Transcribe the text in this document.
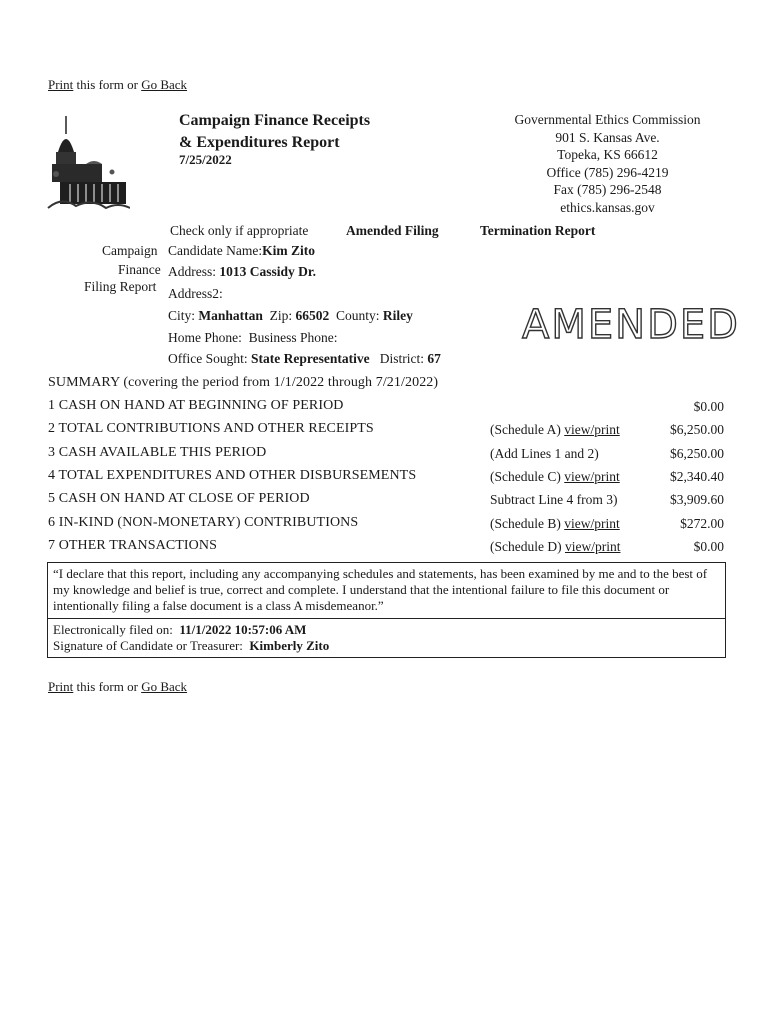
Print this form or Go Back
Campaign Finance Receipts
& Expenditures Report
7/25/2022
Governmental Ethics Commission
901 S. Kansas Ave.
Topeka, KS 66612
Office (785) 296-4219
Fax (785) 296-2548
ethics.kansas.gov
Check only if appropriate	Amended Filing	Termination Report
Campaign
Finance
Filing Report
Candidate Name:Kim Zito
Address: 1013 Cassidy Dr.
Address2:
City: Manhattan Zip: 66502 County: Riley
Home Phone: Business Phone:
Office Sought: State Representative District: 67
AMENDED
SUMMARY (covering the period from 1/1/2022 through 7/21/2022)
1 CASH ON HAND AT BEGINNING OF PERIOD	$0.00
2 TOTAL CONTRIBUTIONS AND OTHER RECEIPTS	(Schedule A) view/print	$6,250.00
3 CASH AVAILABLE THIS PERIOD	(Add Lines 1 and 2)	$6,250.00
4 TOTAL EXPENDITURES AND OTHER DISBURSEMENTS	(Schedule C) view/print	$2,340.40
5 CASH ON HAND AT CLOSE OF PERIOD	Subtract Line 4 from 3)	$3,909.60
6 IN-KIND (NON-MONETARY) CONTRIBUTIONS	(Schedule B) view/print	$272.00
7 OTHER TRANSACTIONS	(Schedule D) view/print	$0.00
“I declare that this report, including any accompanying schedules and statements, has been examined by me and to the best of my knowledge and belief is true, correct and complete. I understand that the intentional failure to file this document or intentionally filing a false document is a class A misdemeanor.”
Electronically filed on: 11/1/2022 10:57:06 AM
Signature of Candidate or Treasurer: Kimberly Zito
Print this form or Go Back
